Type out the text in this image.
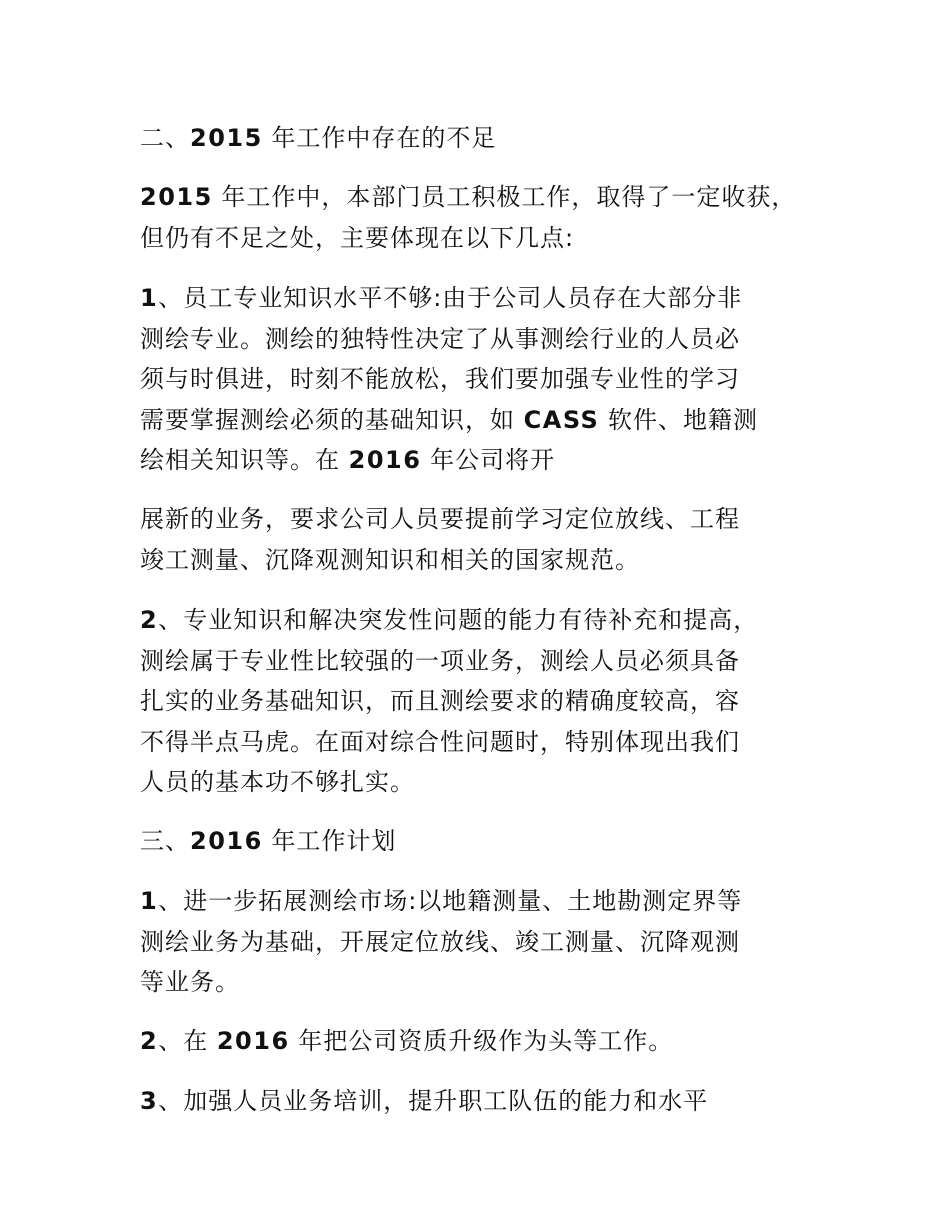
二、2015 年工作中存在的不足
2015 年工作中，本部门员工积极工作，取得了一定收获，
但仍有不足之处，主要体现在以下几点:
1、员工专业知识水平不够:由于公司人员存在大部分非
测绘专业。测绘的独特性决定了从事测绘行业的人员必
须与时俱进，时刻不能放松，我们要加强专业性的学习
需要掌握测绘必须的基础知识，如 CASS 软件、地籍测
绘相关知识等。在 2016 年公司将开
展新的业务，要求公司人员要提前学习定位放线、工程
竣工测量、沉降观测知识和相关的国家规范。
2、专业知识和解决突发性问题的能力有待补充和提高，
测绘属于专业性比较强的一项业务，测绘人员必须具备
扎实的业务基础知识，而且测绘要求的精确度较高，容
不得半点马虎。在面对综合性问题时，特别体现出我们
人员的基本功不够扎实。
三、2016 年工作计划
1、进一步拓展测绘市场:以地籍测量、土地勘测定界等
测绘业务为基础，开展定位放线、竣工测量、沉降观测
等业务。
2、在 2016 年把公司资质升级作为头等工作。
3、加强人员业务培训，提升职工队伍的能力和水平
